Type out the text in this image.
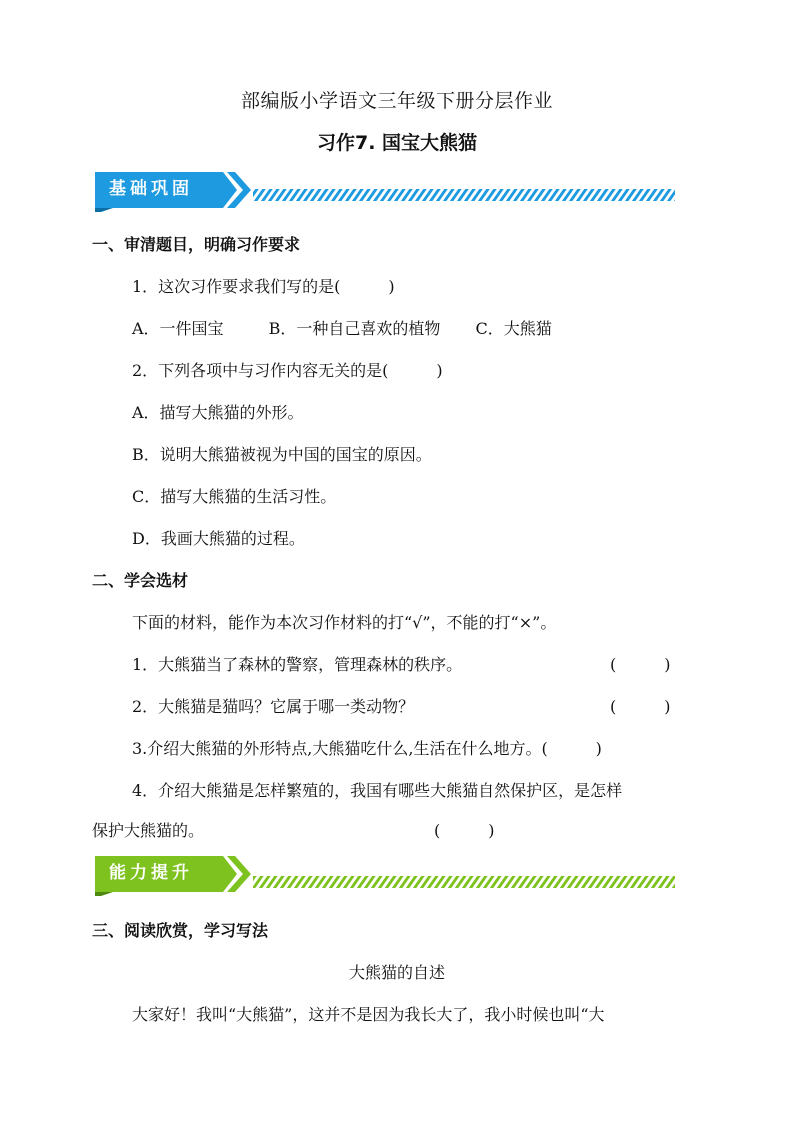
部编版小学语文三年级下册分层作业
习作7. 国宝大熊猫
基础巩固
一、审清题目，明确习作要求
1．这次习作要求我们写的是(　　　)
A．一件国宝	B．一种自己喜欢的植物 C．大熊猫
2．下列各项中与习作内容无关的是(　　　)
A．描写大熊猫的外形。
B．说明大熊猫被视为中国的国宝的原因。
C．描写大熊猫的生活习性。
D．我画大熊猫的过程。
二、学会选材
下面的材料，能作为本次习作材料的打“√”，不能的打“×”。
1．大熊猫当了森林的警察，管理森林的秩序。	(　　　)
2．大熊猫是猫吗？它属于哪一类动物？	(　　　)
3.介绍大熊猫的外形特点,大熊猫吃什么,生活在什么地方。(　　　)
4．介绍大熊猫是怎样繁殖的，我国有哪些大熊猫自然保护区，是怎样
保护大熊猫的。	(　　　)
能力提升
三、阅读欣赏，学习写法
大熊猫的自述
大家好！我叫“大熊猫”，这并不是因为我长大了，我小时候也叫“大
